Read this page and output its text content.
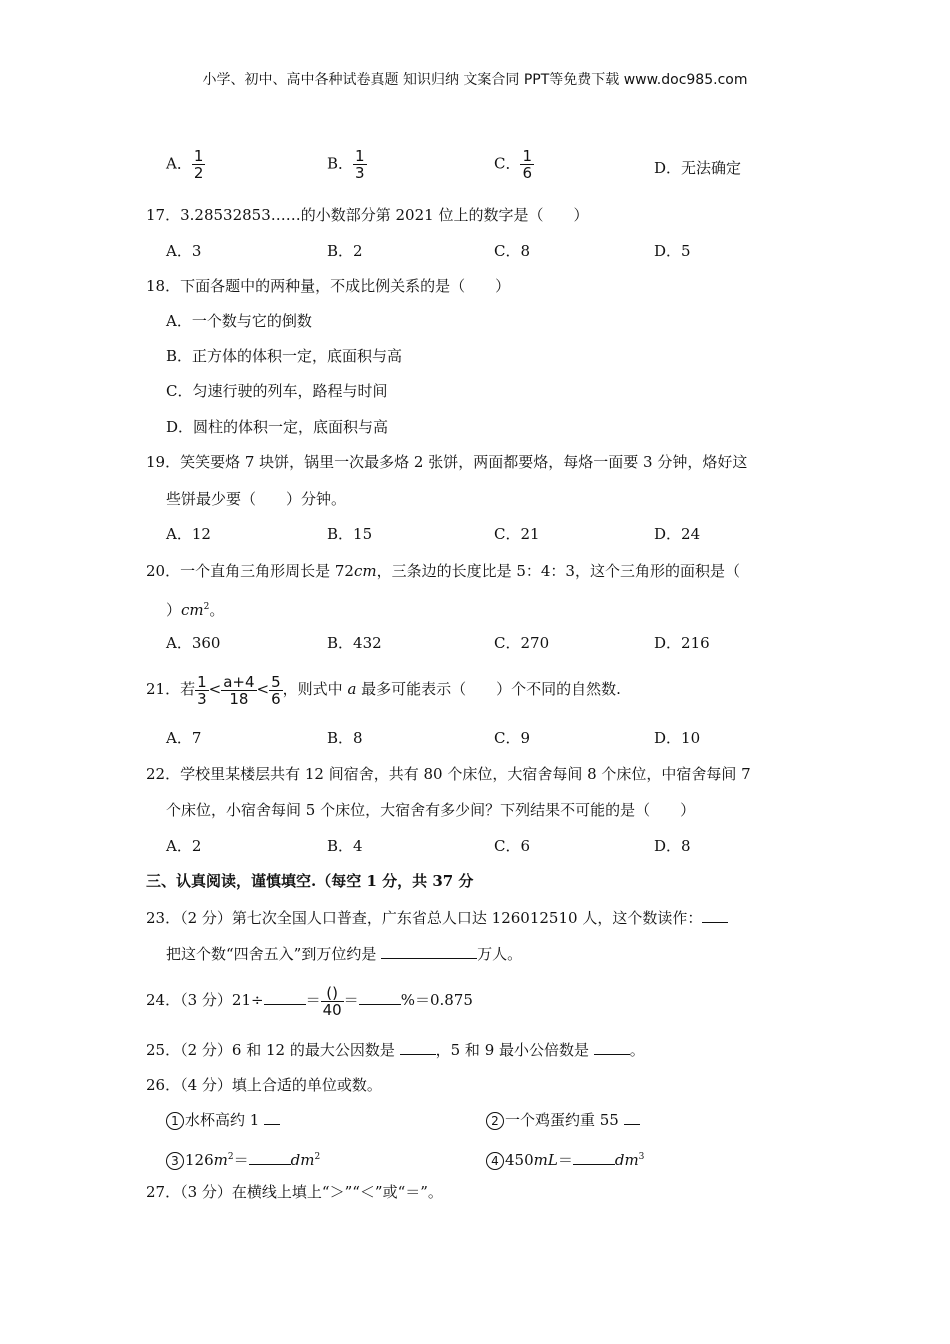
小学、初中、高中各种试卷真题 知识归纳 文案合同 PPT等免费下载 www.doc985.com
A． $\frac{1}{2}$	B． $\frac{1}{3}$	C． $\frac{1}{6}$	D．无法确定
17．3.28532853……的小数部分第 2021 位上的数字是（　　）
A．3	B．2	C．8	D．5
18．下面各题中的两种量，不成比例关系的是（　　）
A．一个数与它的倒数
B．正方体的体积一定，底面积与高
C．匀速行驶的列车，路程与时间
D．圆柱的体积一定，底面积与高
19．笑笑要烙 7 块饼，锅里一次最多烙 2 张饼，两面都要烙，每烙一面要 3 分钟，烙好这
些饼最少要（　　）分钟。
A．12	B．15	C．21	D．24
20．一个直角三角形周长是 72cm，三条边的长度比是 5：4：3，这个三角形的面积是（
）$cm^2$。
A．360	B．432	C．270	D．216
21．若 $\frac{1}{3} < \frac{a+4}{18} < \frac{5}{6}$ ，则式中 a 最多可能表示（　　）个不同的自然数.
A．7	B．8	C．9	D．10
22．学校里某楼层共有 12 间宿舍，共有 80 个床位，大宿舍每间 8 个床位，中宿舍每间 7
个床位，小宿舍每间 5 个床位，大宿舍有多少间？下列结果不可能的是（　　）
A．2	B．4	C．6	D．8
三、认真阅读，谨慎填空.（每空 1 分，共 37 分
23．（2 分）第七次全国人口普查，广东省总人口达 126012510 人，这个数读作：
把这个数“四舍五入”到万位约是	万人。
24．（3 分）21÷	＝ $\frac{()}{40}$ ＝	%＝0.875
25．（2 分）6 和 12 的最大公因数是 ，5 和 9 最小公倍数是 。
26．（4 分）填上合适的单位或数。
1 水杯高约 1	2 一个鸡蛋约重 55
3 $126m^2=$	$dm^2$	4 450mL＝	$dm^3$
27．（3 分）在横线上填上“＞”“＜”或“＝”。
